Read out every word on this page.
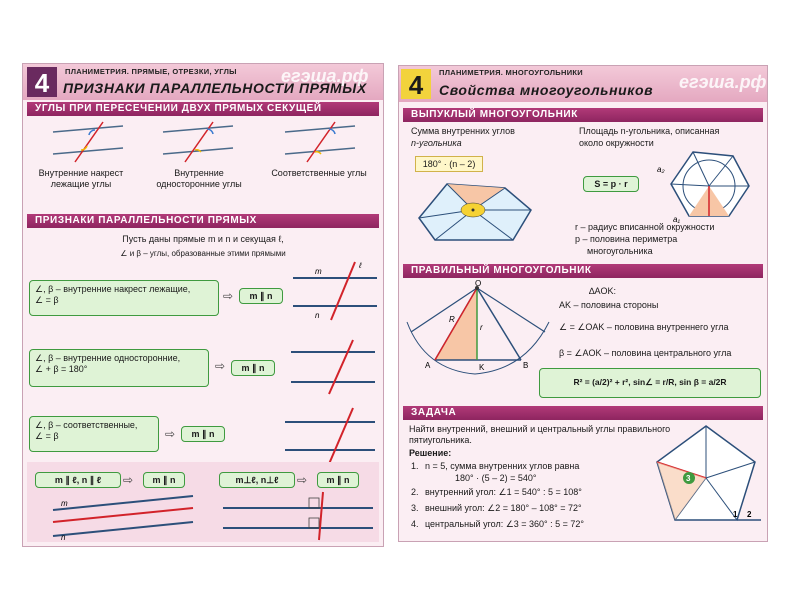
4	ПЛАНИМЕТРИЯ. ПРЯМЫЕ, ОТРЕЗКИ, УГЛЫ
ПРИЗНАКИ ПАРАЛЛЕЛЬНОСТИ ПРЯМЫХ
егэша.рф
УГЛЫ ПРИ ПЕРЕСЕЧЕНИИ ДВУХ ПРЯМЫХ СЕКУЩЕЙ
Внутренние накрест лежащие углы
Внутренние односторонние углы
Соответственные углы
ПРИЗНАКИ ПАРАЛЛЕЛЬНОСТИ ПРЯМЫХ
Пусть даны прямые m и n и секущая ℓ,
∠ и β – углы, образованные этими прямыми
∠, β – внутренние накрест лежащие,
∠ = β	⇨	m ∥ n
∠, β – внутренние односторонние,
∠ + β = 180°	⇨	m ∥ n
∠, β – соответственные,
∠ = β	⇨	m ∥ n
m
n
ℓ
m ∥ ℓ, n ∥ ℓ	⇨	m ∥ n	m⊥ℓ, n⊥ℓ	⇨	m ∥ n
m
n
4	ПЛАНИМЕТРИЯ. МНОГОУГОЛЬНИКИ
Свойства многоугольников егэша.рф
ВЫПУКЛЫЙ МНОГОУГОЛЬНИК
Сумма внутренних углов
n-угольника
180° · (n – 2)
Площадь n-угольника, описанная
около окружности
S = p · r
a₂
a₁
r – радиус вписанной окружности
p – половина периметра
многоугольника
ПРАВИЛЬНЫЙ МНОГОУГОЛЬНИК
O
R
r
A	K	B
∆AOK:
AK – половина стороны
∠ = ∠OAK – половина внутреннего угла
β = ∠AOK – половина центрального угла
R² = (a/2)² + r², sin∠ = r/R, sin β = a/2R
ЗАДАЧА
Найти внутренний, внешний и центральный углы правильного
пятиугольника.
Решение:
1. n = 5, сумма внутренних углов равна
180° · (5 – 2) = 540°
2. внутренний угол: ∠1 = 540° : 5 = 108°
3. внешний угол: ∠2 = 180° – 108° = 72°
4. центральный угол: ∠3 = 360° : 5 = 72°
3
1 2
